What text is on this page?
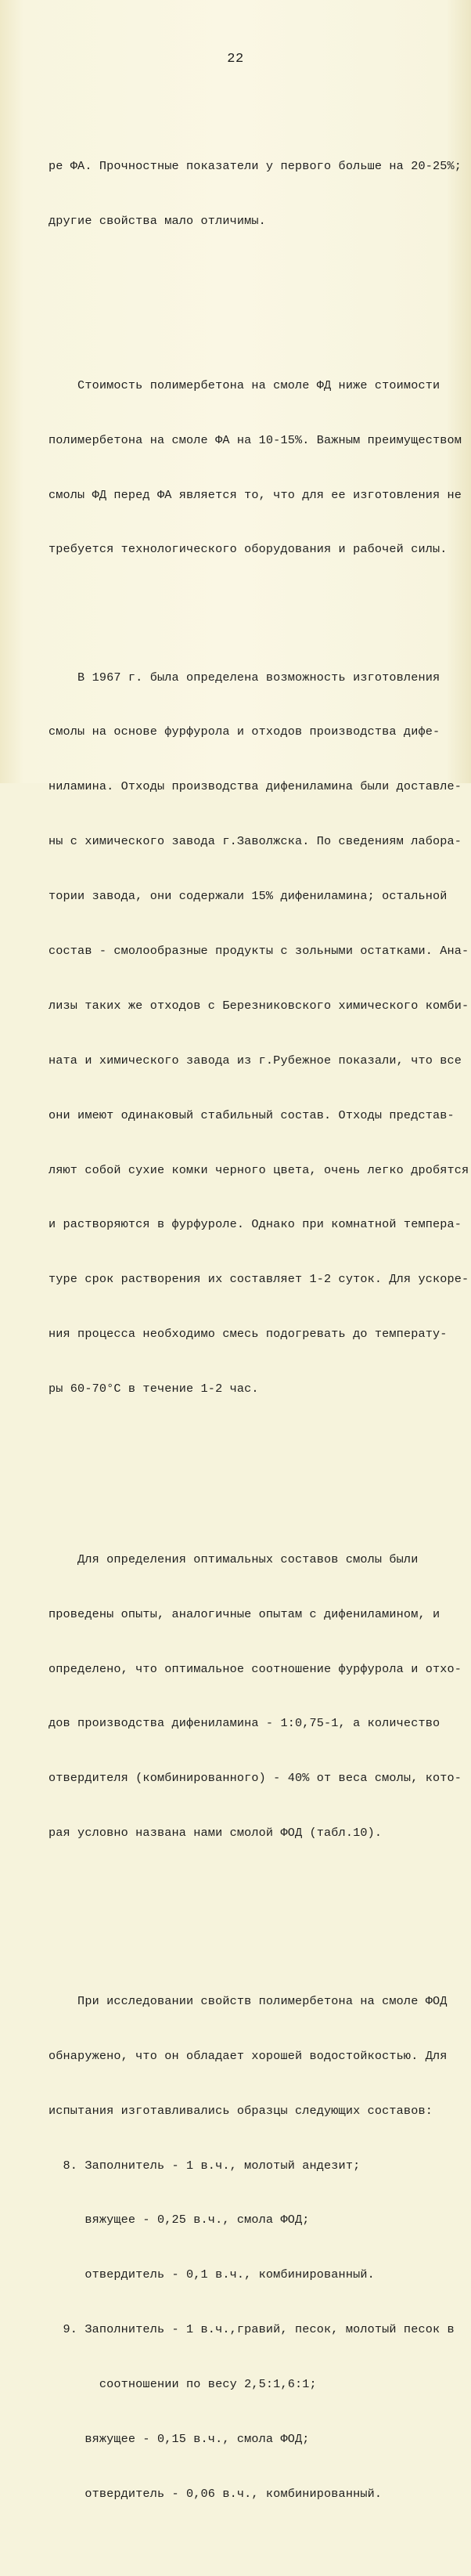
22

ре ФА. Прочностные показатели у первого больше на 20-25%;

другие свойства мало отличимы.

Стоимость полимербетона на смоле ФД ниже стоимости

полимербетона на смоле ФА на 10-15%. Важным преимуществом

смолы ФД перед ФА является то, что для ее изготовления не

требуется технологического оборудования и рабочей силы.

В 1967 г. была определена возможность изготовления

смолы на основе фурфурола и отходов производства дифе-

ниламина. Отходы производства дифениламина были доставле-

ны с химического завода г.Заволжска. По сведениям лабора-

тории завода, они содержали 15% дифениламина; остальной

состав - смолообразные продукты с зольными остатками. Ана-

лизы таких же отходов с Березниковского химического комби-

ната и химического завода из г.Рубежное показали, что все

они имеют одинаковый стабильный состав. Отходы представ-

ляют собой сухие комки черного цвета, очень легко дробятся

и растворяются в фурфуроле. Однако при комнатной темпера-

туре срок растворения их составляет 1-2 суток. Для ускоре-

ния процесса необходимо смесь подогревать до температу-

ры 60-70°С в течение 1-2 час.

Для определения оптимальных составов смолы были

проведены опыты, аналогичные опытам с дифениламином, и

определено, что оптимальное соотношение фурфурола и отхо-

дов производства дифениламина - 1:0,75-1, а количество

отвердителя (комбинированного) - 40% от веса смолы, кото-

рая условно названа нами смолой ФОД (табл.10).

При исследовании свойств полимербетона на смоле ФОД

обнаружено, что он обладает хорошей водостойкостью. Для

испытания изготавливались образцы следующих составов:

8. Заполнитель - 1 в.ч., молотый андезит;

вяжущее - 0,25 в.ч., смола ФОД;

отвердитель - 0,1 в.ч., комбинированный.

9. Заполнитель - 1 в.ч.,гравий, песок, молотый песок в

соотношении по весу 2,5:1,6:1;

вяжущее - 0,15 в.ч., смола ФОД;

отвердитель - 0,06 в.ч., комбинированный.
